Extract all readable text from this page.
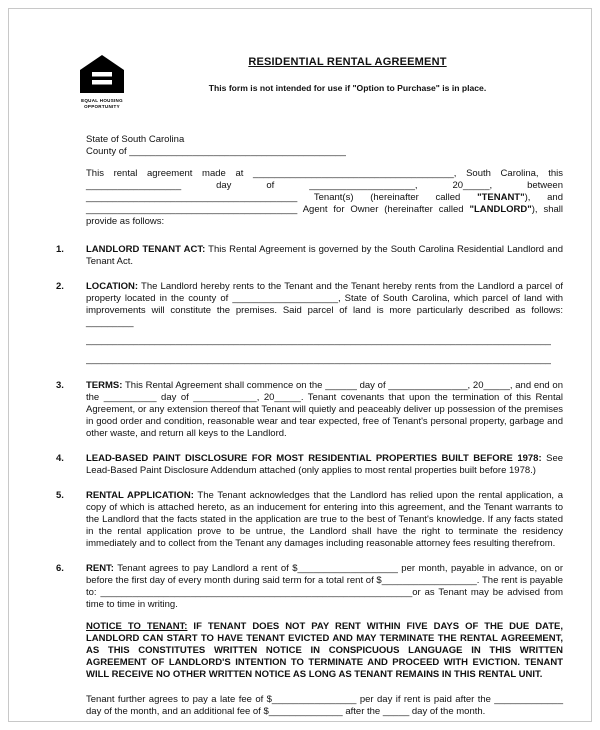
EQUAL HOUSING
OPPORTUNITY
RESIDENTIAL RENTAL AGREEMENT
This form is not intended for use if "Option to Purchase" is in place.
State of South Carolina
County of _________________________________________

This rental agreement made at ______________________________________, South Carolina, this __________________ day of ____________________, 20_____, between ________________________________________ Tenant(s) (hereinafter called "TENANT"), and ________________________________________ Agent for Owner (hereinafter called "LANDLORD"), shall provide as follows:

1. LANDLORD TENANT ACT: This Rental Agreement is governed by the South Carolina Residential Landlord and Tenant Act.

2. LOCATION: The Landlord hereby rents to the Tenant and the Tenant hereby rents from the Landlord a parcel of property located in the county of ____________________, State of South Carolina, which parcel of land with improvements will constitute the premises. Said parcel of land is more particularly described as follows: _________

________________________________________________________________________________________

________________________________________________________________________________________

3. TERMS: This Rental Agreement shall commence on the ______ day of _______________, 20_____, and end on the __________ day of ____________, 20_____. Tenant covenants that upon the termination of this Rental Agreement, or any extension thereof that Tenant will quietly and peaceably deliver up possession of the premises in good order and condition, reasonable wear and tear expected, free of Tenant's personal property, garbage and other waste, and return all keys to the Landlord.

4. LEAD-BASED PAINT DISCLOSURE FOR MOST RESIDENTIAL PROPERTIES BUILT BEFORE 1978: See Lead-Based Paint Disclosure Addendum attached (only applies to most rental properties built before 1978.)

5. RENTAL APPLICATION: The Tenant acknowledges that the Landlord has relied upon the rental application, a copy of which is attached hereto, as an inducement for entering into this agreement, and the Tenant warrants to the Landlord that the facts stated in the application are true to the best of Tenant's knowledge. If any facts stated in the rental application prove to be untrue, the Landlord shall have the right to terminate the residency immediately and to collect from the Tenant any damages including reasonable attorney fees resulting therefrom.

6. RENT: Tenant agrees to pay Landlord a rent of $___________________ per month, payable in advance, on or before the first day of every month during said term for a total rent of $__________________. The rent is payable to: ___________________________________________________________or as Tenant may be advised from time to time in writing.

NOTICE TO TENANT: IF TENANT DOES NOT PAY RENT WITHIN FIVE DAYS OF THE DUE DATE, LANDLORD CAN START TO HAVE TENANT EVICTED AND MAY TERMINATE THE RENTAL AGREEMENT, AS THIS CONSTITUTES WRITTEN NOTICE IN CONSPICUOUS LANGUAGE IN THIS WRITTEN AGREEMENT OF LANDLORD'S INTENTION TO TERMINATE AND PROCEED WITH EVICTION. TENANT WILL RECEIVE NO OTHER WRITTEN NOTICE AS LONG AS TENANT REMAINS IN THIS RENTAL UNIT.

Tenant further agrees to pay a late fee of $________________ per day if rent is paid after the _____________ day of the month, and an additional fee of $______________ after the _____ day of the month.
